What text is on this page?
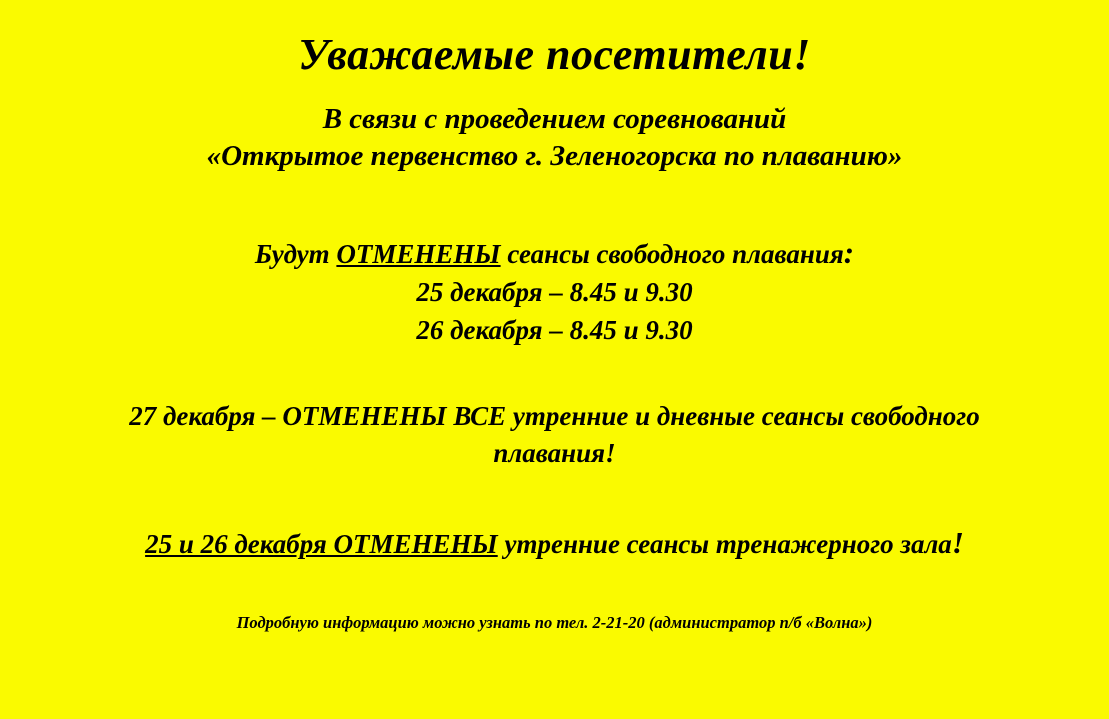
Уважаемые посетители!
В связи с проведением соревнований
«Открытое первенство г. Зеленогорска по плаванию»
Будут ОТМЕНЕНЫ сеансы свободного плавания:
25 декабря – 8.45 и 9.30
26 декабря – 8.45 и 9.30
27 декабря – ОТМЕНЕНЫ ВСЕ утренние и дневные сеансы свободного плавания!
25 и 26 декабря ОТМЕНЕНЫ утренние сеансы тренажерного зала!
Подробную информацию можно узнать по тел. 2-21-20 (администратор п/б «Волна»)
